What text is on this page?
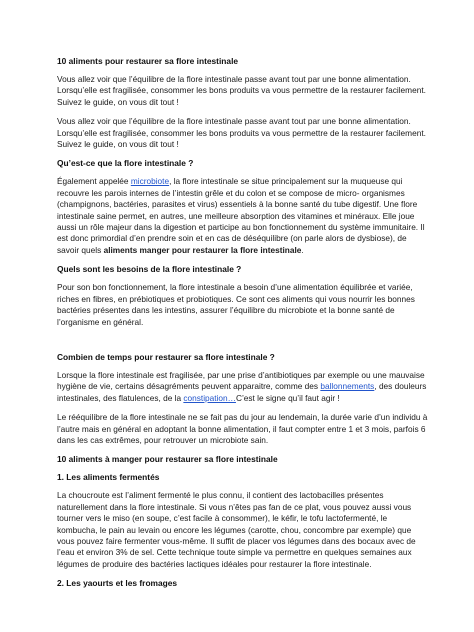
10 aliments pour restaurer sa flore intestinale

Vous allez voir que l’équilibre de la flore intestinale passe avant tout par une bonne alimentation. Lorsqu’elle est fragilisée, consommer les bons produits va vous permettre de la restaurer facilement. Suivez le guide, on vous dit tout !

Vous allez voir que l’équilibre de la flore intestinale passe avant tout par une bonne alimentation. Lorsqu’elle est fragilisée, consommer les bons produits va vous permettre de la restaurer facilement. Suivez le guide, on vous dit tout !

Qu’est-ce que la flore intestinale ?

Également appelée microbiote, la flore intestinale se situe principalement sur la muqueuse qui recouvre les parois internes de l’intestin grêle et du colon et se compose de micro- organismes (champignons, bactéries, parasites et virus) essentiels à la bonne santé du tube digestif. Une flore intestinale saine permet, en autres, une meilleure absorption des vitamines et minéraux. Elle joue aussi un rôle majeur dans la digestion et participe au bon fonctionnement du système immunitaire. Il est donc primordial d’en prendre soin et en cas de déséquilibre (on parle alors de dysbiose), de savoir quels aliments manger pour restaurer la flore intestinale.

Quels sont les besoins de la flore intestinale ?

Pour son bon fonctionnement, la flore intestinale a besoin d’une alimentation équilibrée et variée, riches en fibres, en prébiotiques et probiotiques. Ce sont ces aliments qui vous nourrir les bonnes bactéries présentes dans les intestins, assurer l’équilibre du microbiote et la bonne santé de l’organisme en général.

Combien de temps pour restaurer sa flore intestinale ?

Lorsque la flore intestinale est fragilisée, par une prise d’antibiotiques par exemple ou une mauvaise hygiène de vie, certains désagréments peuvent apparaitre, comme des ballonnements, des douleurs intestinales, des flatulences, de la constipation…C’est le signe qu’il faut agir !

Le rééquilibre de la flore intestinale ne se fait pas du jour au lendemain, la durée varie d’un individu à l’autre mais en général en adoptant la bonne alimentation, il faut compter entre 1 et 3 mois, parfois 6 dans les cas extrêmes, pour retrouver un microbiote sain.

10 aliments à manger pour restaurer sa flore intestinale
1. Les aliments fermentés

La choucroute est l’aliment fermenté le plus connu, il contient des lactobacilles présentes naturellement dans la flore intestinale. Si vous n’êtes pas fan de ce plat, vous pouvez aussi vous tourner vers le miso (en soupe, c’est facile à consommer), le kéfir, le tofu lactofermenté, le kombucha, le pain au levain ou encore les légumes (carotte, chou, concombre par exemple) que vous pouvez faire fermenter vous-même. Il suffit de placer vos légumes dans des bocaux avec de l’eau et environ 3% de sel. Cette technique toute simple va permettre en quelques semaines aux légumes de produire des bactéries lactiques idéales pour restaurer la flore intestinale.

2. Les yaourts et les fromages
